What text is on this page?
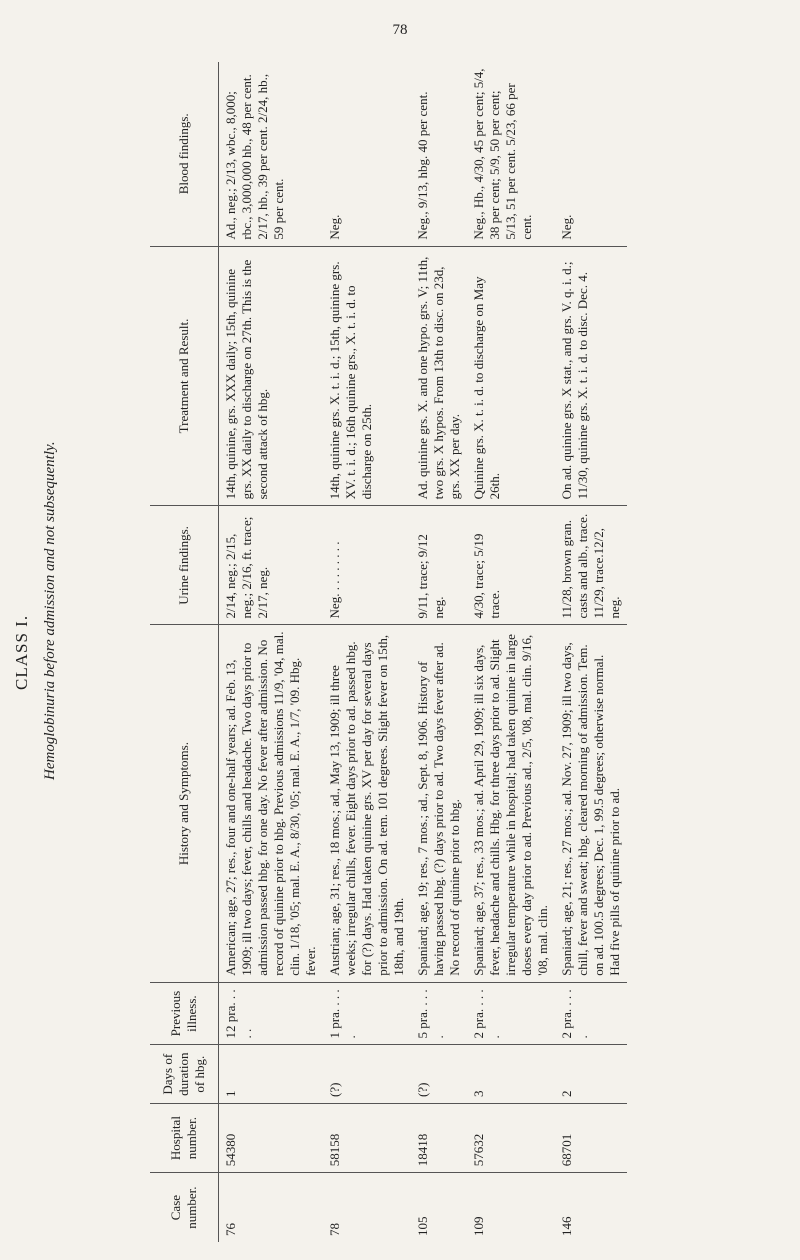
78
CLASS I. Hemoglobinuria before admission and not subsequently.
Case number.	Hospital number.	Days of duration of hbg.	Previous illness.	History and Symptoms.	Urine findings.	Treatment and Result.	Blood findings.
76	54380	1	12 pra. . . . .	American; age, 27; res., four and one-half years; ad. Feb. 13, 1909; ill two days; fever, chills and headache. Two days prior to admission passed hbg. for one day. No fever after admission. No record of quinine prior to hbg. Previous admissions 11/9, '04, mal. clin. 1/18, '05; mal. E. A., 8/30, '05; mal. E. A., 1/7, '09. Hbg. fever.	2/14, neg.; 2/15, neg.; 2/16, ft. trace; 2/17, neg.	14th, quinine, grs. XXX daily; 15th, quinine grs. XX daily to discharge on 27th. This is the second attack of hbg.	Ad., neg.; 2/13, wbc., 8,000; rbc., 3,000,000 hb., 48 per cent. 2/17, hb., 39 per cent. 2/24, hb., 59 per cent.
78	58158	(?)	1 pra. . . . .	Austrian; age, 31; res., 18 mos.; ad., May 13, 1909; ill three weeks; irregular chills, fever. Eight days prior to ad. passed hbg. for (?) days. Had taken quinine grs. XV per day for several days prior to admission. On ad. tem. 101 degrees. Slight fever on 15th, 18th, and 19th.	Neg. . . . . . . . .	14th, quinine grs. X. t. i. d.; 15th, quinine grs. XV. t. i. d.; 16th quinine grs., X. t. i. d. to discharge on 25th.	Neg.
105	18418	(?)	5 pra. . . . .	Spaniard; age, 19; res., 7 mos.; ad., Sept. 8, 1906. History of having passed hbg. (?) days prior to ad. Two days fever after ad. No record of quinine prior to hbg.	9/11, trace; 9/12 neg.	Ad. quinine grs. X. and one hypo. grs. V; 11th, two grs. X hypos. From 13th to disc. on 23d, grs. XX per day.	Neg., 9/13, hbg. 40 per cent.
109	57632	3	2 pra. . . . .	Spaniard; age, 37; res., 33 mos.; ad. April 29, 1909; ill six days, fever, headache and chills. Hbg. for three days prior to ad. Slight irregular temperature while in hospital; had taken quinine in large doses every day prior to ad. Previous ad., 2/5, '08, mal. clin. 9/16, '08, mal. clin.	4/30, trace; 5/19 trace.	Quinine grs. X. t. i. d. to discharge on May 26th.	Neg., Hb., 4/30, 45 per cent; 5/4, 38 per cent; 5/9, 50 per cent; 5/13, 51 per cent. 5/23, 66 per cent.
146	68701	2	2 pra. . . . .	Spaniard; age, 21; res., 27 mos.; ad. Nov. 27, 1909; ill two days, chill, fever and sweat; hbg. cleared morning of admission. Tem. on ad. 100.5 degrees; Dec. 1, 99.5 degrees; otherwise normal. Had five pills of quinine prior to ad.	11/28, brown gran. casts and alb., trace. 11/29, trace.12/2, neg.	On ad. quinine grs. X stat., and grs. V. q. i. d.; 11/30, quinine grs. X. t. i. d. to disc. Dec. 4.	Neg.
